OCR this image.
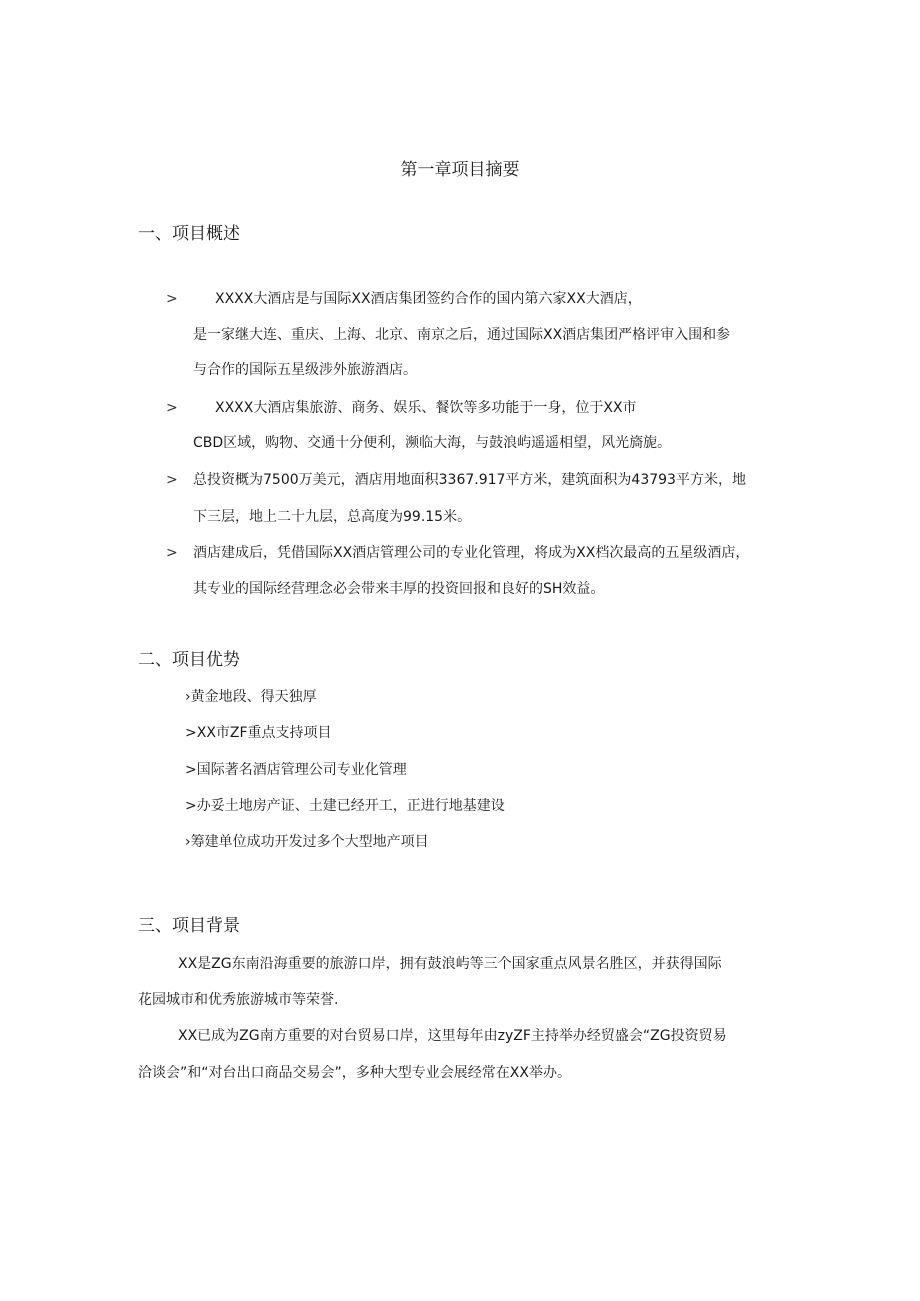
第一章项目摘要
一、项目概述
>	XXXX大酒店是与国际XX酒店集团签约合作的国内第六家XX大酒店，
是一家继大连、重庆、上海、北京、南京之后，通过国际XX酒店集团严格评审入围和参
与合作的国际五星级涉外旅游酒店。
>	XXXX大酒店集旅游、商务、娱乐、餐饮等多功能于一身，位于XX市
CBD区域，购物、交通十分便利，濒临大海，与鼓浪屿遥遥相望，风光旖旎。
> 总投资概为7500万美元，酒店用地面积3367.917平方米，建筑面积为43793平方米，地
下三层，地上二十九层，总高度为99.15米。
> 酒店建成后，凭借国际XX酒店管理公司的专业化管理，将成为XX档次最高的五星级酒店，
其专业的国际经营理念必会带来丰厚的投资回报和良好的SH效益。
二、项目优势
›黄金地段、得天独厚
>XX市ZF重点支持项目
>国际著名酒店管理公司专业化管理
>办妥土地房产证、土建已经开工，正进行地基建设
›筹建单位成功开发过多个大型地产项目
三、项目背景
XX是ZG东南沿海重要的旅游口岸，拥有鼓浪屿等三个国家重点风景名胜区，并获得国际
花园城市和优秀旅游城市等荣誉.
XX已成为ZG南方重要的对台贸易口岸，这里每年由zyZF主持举办经贸盛会“ZG投资贸易
洽谈会”和“对台出口商品交易会”，多种大型专业会展经常在XX举办。
